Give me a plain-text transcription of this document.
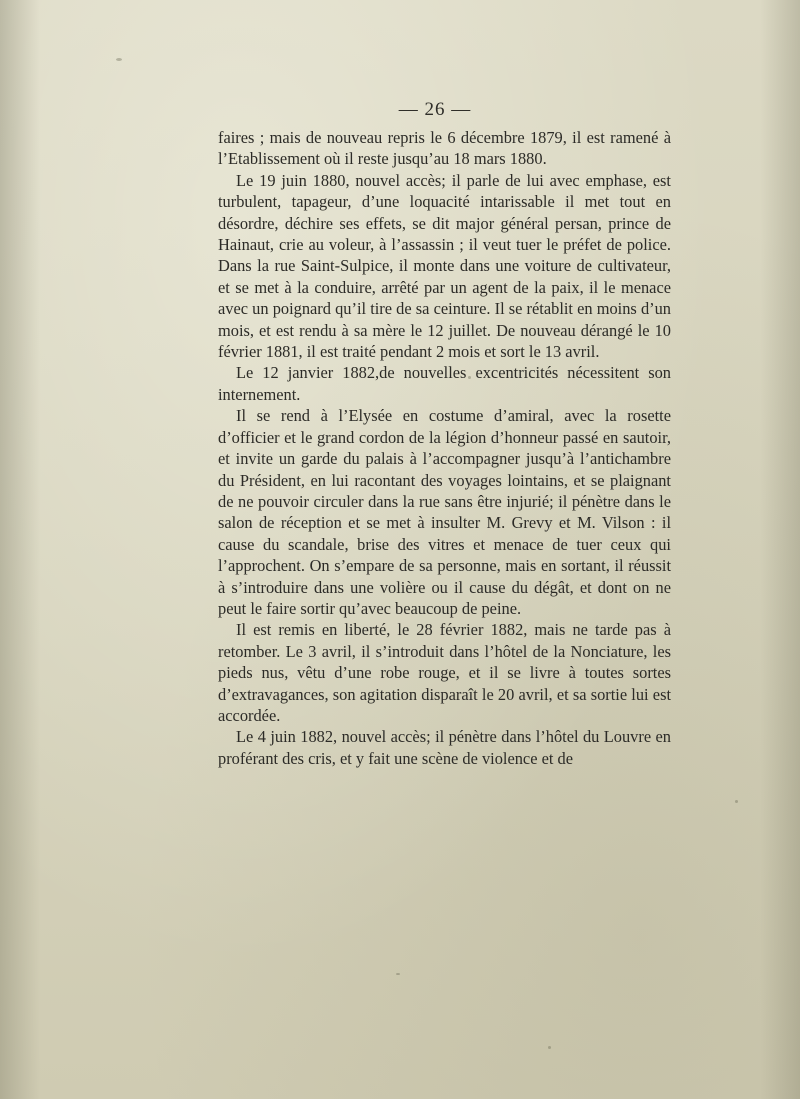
— 26 —

faires ; mais de nouveau repris le 6 décembre 1879, il est ramené à l’Etablissement où il reste jusqu’au 18 mars 1880.

Le 19 juin 1880, nouvel accès; il parle de lui avec emphase, est turbulent, tapageur, d’une loquacité intarissable il met tout en désordre, déchire ses effets, se dit major général persan, prince de Hainaut, crie au voleur, à l’assassin ; il veut tuer le préfet de police. Dans la rue Saint-Sulpice, il monte dans une voiture de cultivateur, et se met à la conduire, arrêté par un agent de la paix, il le menace avec un poignard qu’il tire de sa ceinture. Il se rétablit en moins d’un mois, et est rendu à sa mère le 12 juillet. De nouveau dérangé le 10 février 1881, il est traité pendant 2 mois et sort le 13 avril.

Le 12 janvier 1882,de nouvelles excentricités nécessitent son internement.

Il se rend à l’Elysée en costume d’amiral, avec la rosette d’officier et le grand cordon de la légion d’honneur passé en sautoir, et invite un garde du palais à l’accompagner jusqu’à l’antichambre du Président, en lui racontant des voyages lointains, et se plaignant de ne pouvoir circuler dans la rue sans être injurié; il pénètre dans le salon de réception et se met à insulter M. Grevy et M. Vilson : il cause du scandale, brise des vitres et menace de tuer ceux qui l’approchent. On s’empare de sa personne, mais en sortant, il réussit à s’introduire dans une volière ou il cause du dégât, et dont on ne peut le faire sortir qu’avec beaucoup de peine.

Il est remis en liberté, le 28 février 1882, mais ne tarde pas à retomber. Le 3 avril, il s’introduit dans l’hôtel de la Nonciature, les pieds nus, vêtu d’une robe rouge, et il se livre à toutes sortes d’extravagances, son agitation disparaît le 20 avril, et sa sortie lui est accordée.

Le 4 juin 1882, nouvel accès; il pénètre dans l’hôtel du Louvre en proférant des cris, et y fait une scène de violence et de
